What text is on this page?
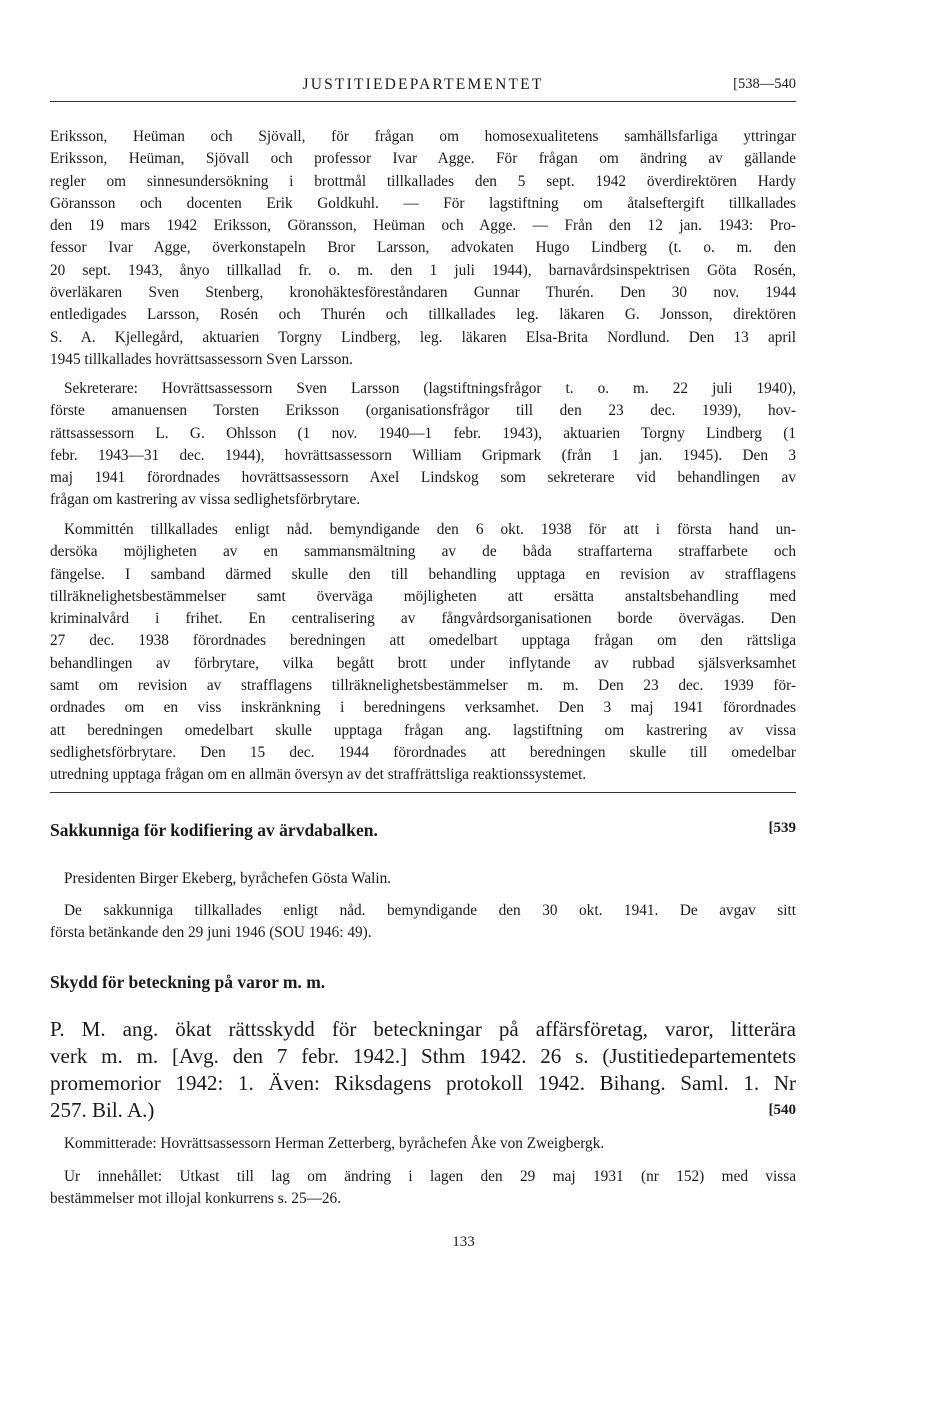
JUSTITIEDEPARTEMENTET	[538—540
Eriksson, Heüman och Sjövall, för frågan om homosexualitetens samhällsfarliga yttringar
Eriksson, Heüman, Sjövall och professor Ivar Agge. För frågan om ändring av gällande
regler om sinnesundersökning i brottmål tillkallades den 5 sept. 1942 överdirektören Hardy
Göransson och docenten Erik Goldkuhl. — För lagstiftning om åtalseftergift tillkallades
den 19 mars 1942 Eriksson, Göransson, Heüman och Agge. — Från den 12 jan. 1943: Pro-
fessor Ivar Agge, överkonstapeln Bror Larsson, advokaten Hugo Lindberg (t. o. m. den
20 sept. 1943, ånyo tillkallad fr. o. m. den 1 juli 1944), barnavårdsinspektrisen Göta Rosén,
överläkaren Sven Stenberg, kronohäktesföreståndaren Gunnar Thurén. Den 30 nov. 1944
entledigades Larsson, Rosén och Thurén och tillkallades leg. läkaren G. Jonsson, direktören
S. A. Kjellegård, aktuarien Torgny Lindberg, leg. läkaren Elsa-Brita Nordlund. Den 13 april
1945 tillkallades hovrättsassessorn Sven Larsson.
Sekreterare: Hovrättsassessorn Sven Larsson (lagstiftningsfrågor t. o. m. 22 juli 1940),
förste amanuensen Torsten Eriksson (organisationsfrågor till den 23 dec. 1939), hov-
rättsassessorn L. G. Ohlsson (1 nov. 1940—1 febr. 1943), aktuarien Torgny Lindberg (1
febr. 1943—31 dec. 1944), hovrättsassessorn William Gripmark (från 1 jan. 1945). Den 3
maj 1941 förordnades hovrättsassessorn Axel Lindskog som sekreterare vid behandlingen av
frågan om kastrering av vissa sedlighetsförbrytare.
Kommittén tillkallades enligt nåd. bemyndigande den 6 okt. 1938 för att i första hand un-
dersöka möjligheten av en sammansmältning av de båda straffarterna straffarbete och
fängelse. I samband därmed skulle den till behandling upptaga en revision av strafflagens
tillräknelighetsbestämmelser samt överväga möjligheten att ersätta anstaltsbehandling med
kriminalvård i frihet. En centralisering av fångvårdsorganisationen borde övervägas. Den
27 dec. 1938 förordnades beredningen att omedelbart upptaga frågan om den rättsliga
behandlingen av förbrytare, vilka begått brott under inflytande av rubbad själsverksamhet
samt om revision av strafflagens tillräknelighetsbestämmelser m. m. Den 23 dec. 1939 för-
ordnades om en viss inskränkning i beredningens verksamhet. Den 3 maj 1941 förordnades
att beredningen omedelbart skulle upptaga frågan ang. lagstiftning om kastrering av vissa
sedlighetsförbrytare. Den 15 dec. 1944 förordnades att beredningen skulle till omedelbar
utredning upptaga frågan om en allmän översyn av det straffrättsliga reaktionssystemet.
Sakkunniga för kodifiering av ärvdabalken.	[539
Presidenten Birger Ekeberg, byråchefen Gösta Walin.
De sakkunniga tillkallades enligt nåd. bemyndigande den 30 okt. 1941. De avgav sitt
första betänkande den 29 juni 1946 (SOU 1946: 49).
Skydd för beteckning på varor m. m.
P. M. ang. ökat rättsskydd för beteckningar på affärsföretag, varor, litterära
verk m. m. [Avg. den 7 febr. 1942.] Sthm 1942. 26 s. (Justitiedepartementets
promemorior 1942: 1. Även: Riksdagens protokoll 1942. Bihang. Saml. 1. Nr
257. Bil. A.)	[540
Kommitterade: Hovrättsassessorn Herman Zetterberg, byråchefen Åke von Zweigbergk.
Ur innehållet: Utkast till lag om ändring i lagen den 29 maj 1931 (nr 152) med vissa
bestämmelser mot illojal konkurrens s. 25—26.
133
